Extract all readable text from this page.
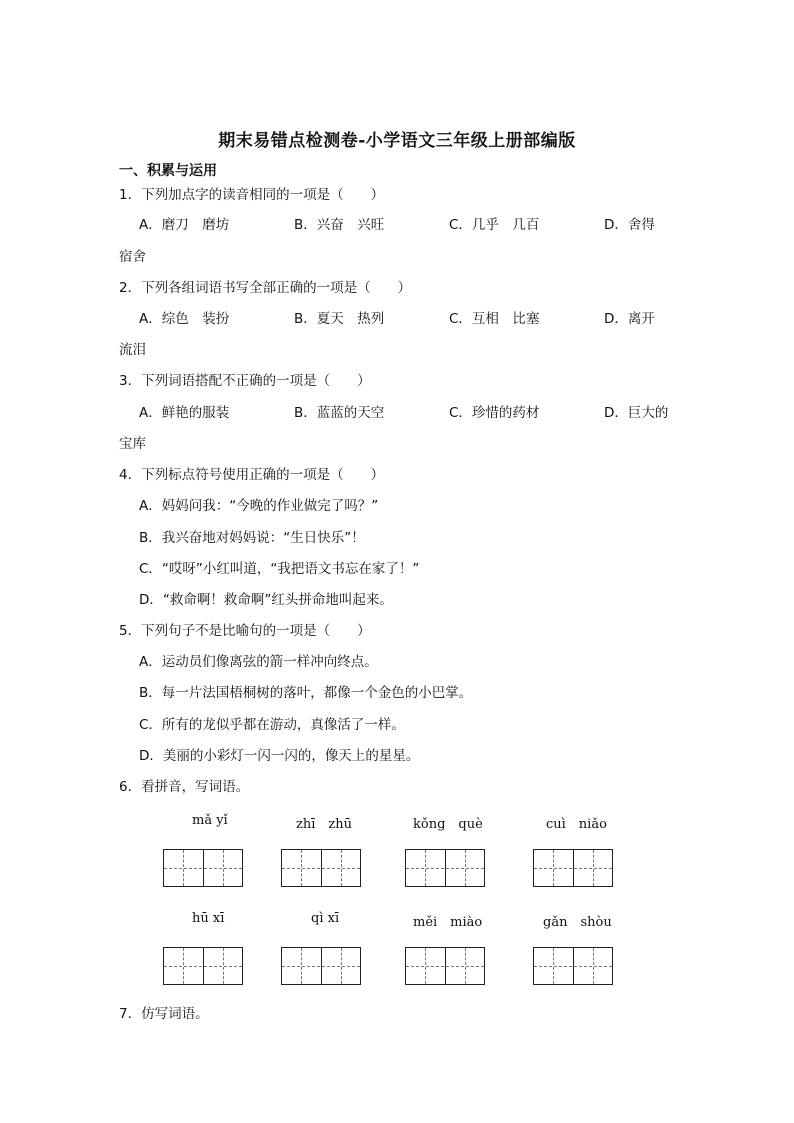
期末易错点检测卷-小学语文三年级上册部编版
一、积累与运用
1．下列加点字的读音相同的一项是（　　）
A．磨刀　磨坊	B．兴奋　兴旺	C．几乎　几百	D．舍得
宿舍
2．下列各组词语书写全部正确的一项是（　　）
A．综色　装扮	B．夏天　热列	C．互相　比塞	D．离开
流泪
3．下列词语搭配不正确的一项是（　　）
A．鲜艳的服装	B．蓝蓝的天空	C．珍惜的药材	D．巨大的
宝库
4．下列标点符号使用正确的一项是（　　）
A．妈妈问我：“今晚的作业做完了吗？”
B．我兴奋地对妈妈说：“生日快乐”！
C．“哎呀”小红叫道，“我把语文书忘在家了！”
D．“救命啊！救命啊”红头拼命地叫起来。
5．下列句子不是比喻句的一项是（　　）
A．运动员们像离弦的箭一样冲向终点。
B．每一片法国梧桐树的落叶，都像一个金色的小巴掌。
C．所有的龙似乎都在游动，真像活了一样。
D．美丽的小彩灯一闪一闪的，像天上的星星。
6．看拼音，写词语。
mǎ yǐ	zhī　zhū	kǒng　què	cuì　niǎo
hū xī	qì xī	měi　miào	gǎn　shòu
7．仿写词语。
